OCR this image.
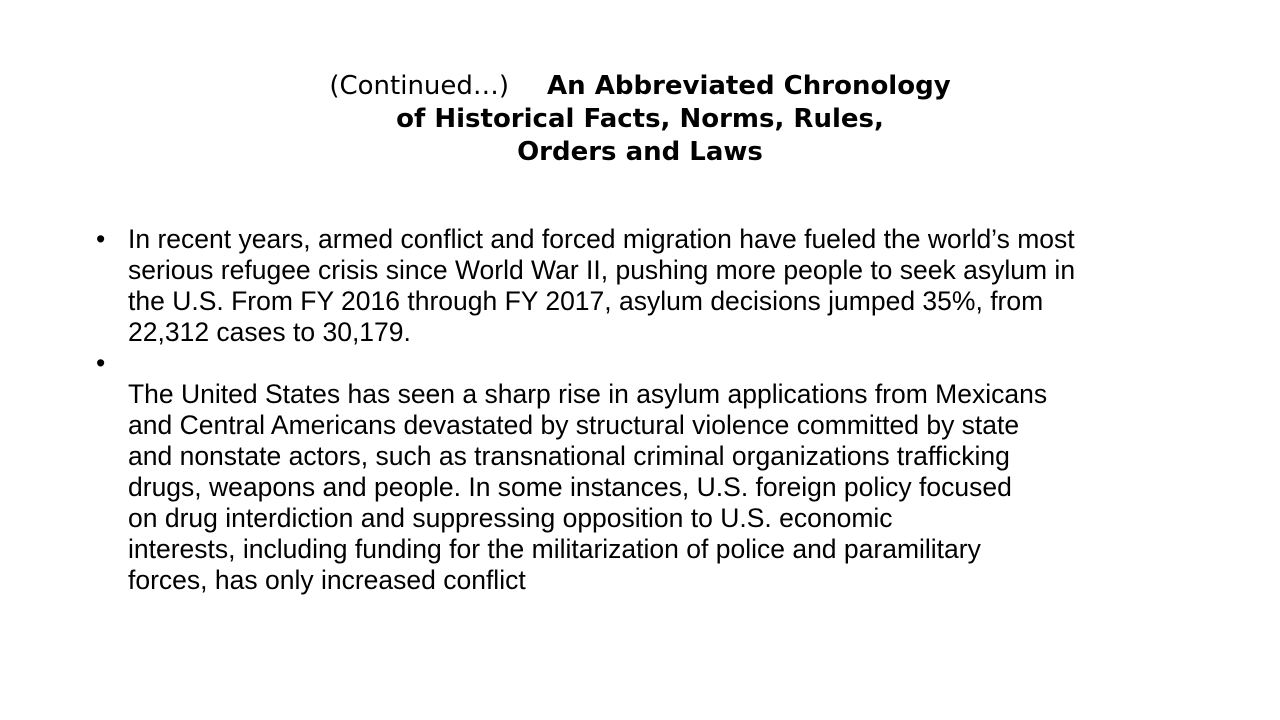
(Continued…) An Abbreviated Chronology
of Historical Facts, Norms, Rules,
Orders and Laws
• In recent years, armed conflict and forced migration have fueled the world’s most
serious refugee crisis since World War II, pushing more people to seek asylum in
the U.S. From FY 2016 through FY 2017, asylum decisions jumped 35%, from
22,312 cases to 30,179.
•

The United States has seen a sharp rise in asylum applications from Mexicans
and Central Americans devastated by structural violence committed by state
and nonstate actors, such as transnational criminal organizations trafficking
drugs, weapons and people. In some instances, U.S. foreign policy focused
on drug interdiction and suppressing opposition to U.S. economic
interests, including funding for the militarization of police and paramilitary
forces, has only increased conflict
